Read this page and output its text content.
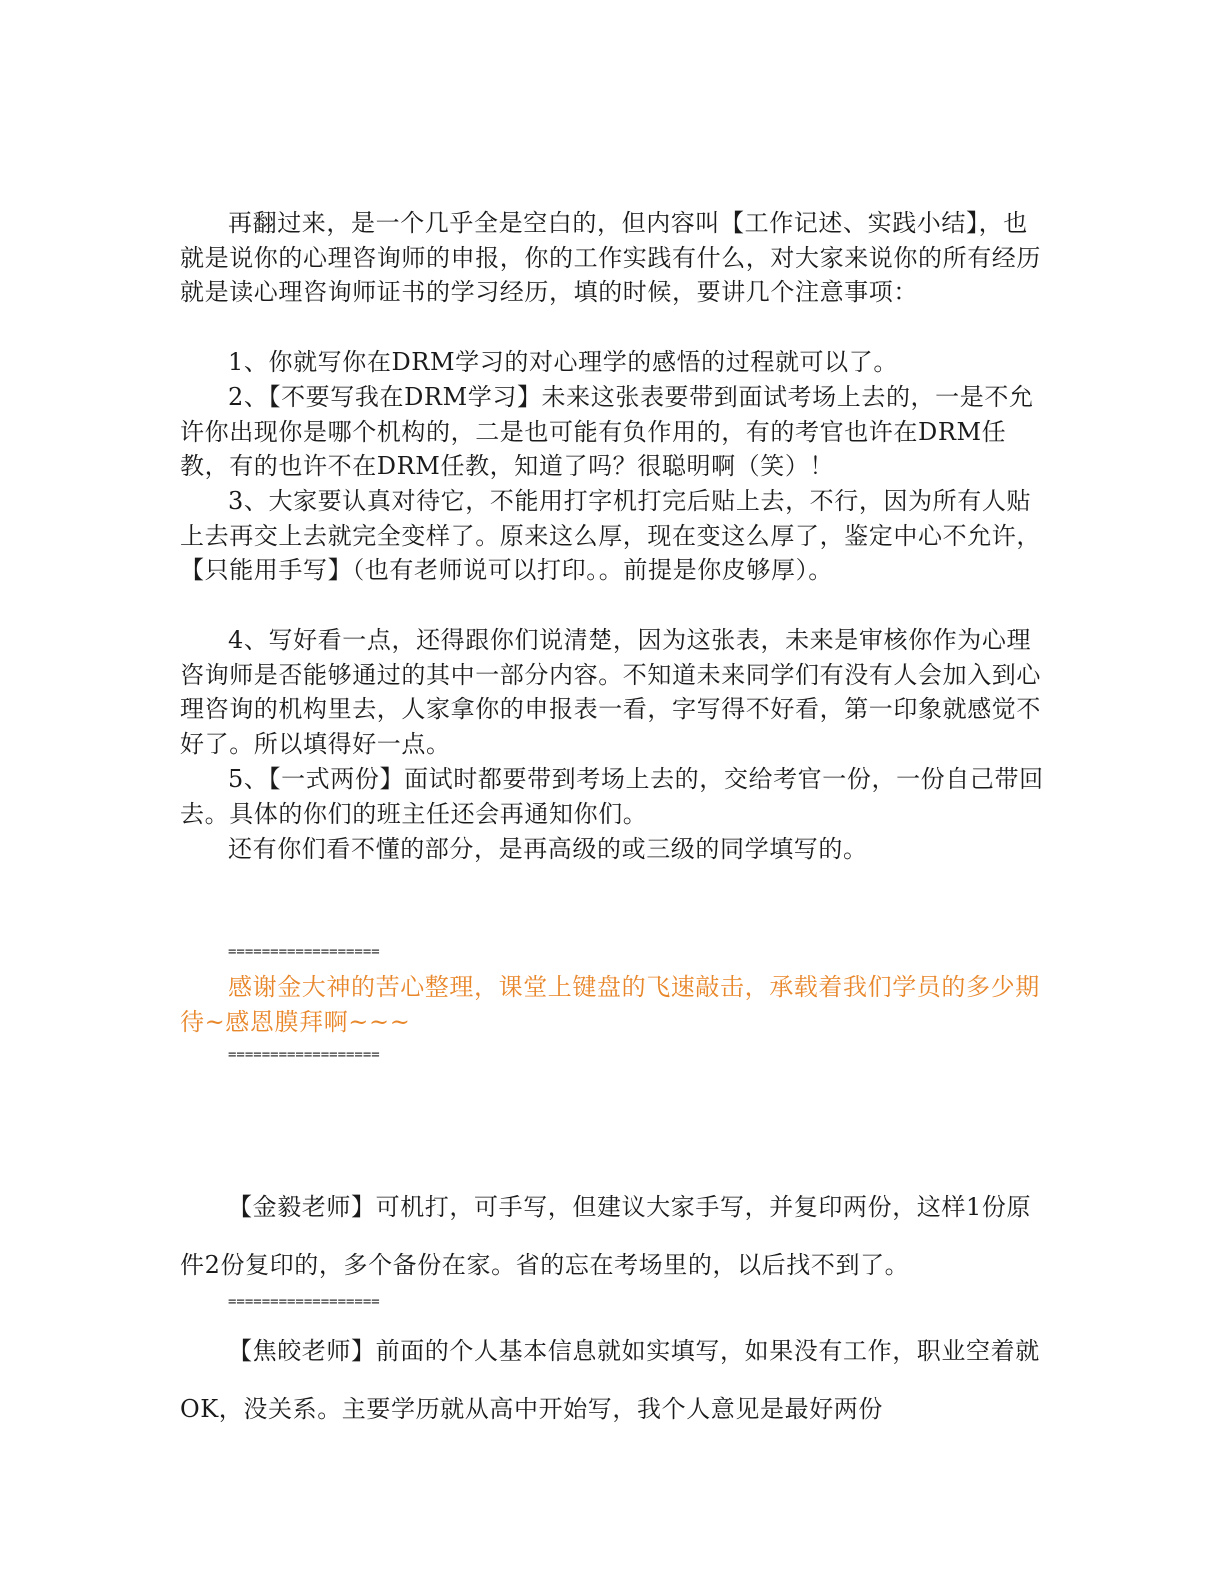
再翻过来，是一个几乎全是空白的，但内容叫【工作记述、实践小结】，也就是说你的心理咨询师的申报，你的工作实践有什么，对大家来说你的所有经历就是读心理咨询师证书的学习经历，填的时候，要讲几个注意事项：

1、你就写你在DRM学习的对心理学的感悟的过程就可以了。

2、【不要写我在DRM学习】未来这张表要带到面试考场上去的，一是不允许你出现你是哪个机构的，二是也可能有负作用的，有的考官也许在DRM任教，有的也许不在DRM任教，知道了吗？很聪明啊（笑）！

3、大家要认真对待它，不能用打字机打完后贴上去，不行，因为所有人贴上去再交上去就完全变样了。原来这么厚，现在变这么厚了，鉴定中心不允许，【只能用手写】（也有老师说可以打印。。前提是你皮够厚）。

4、写好看一点，还得跟你们说清楚，因为这张表，未来是审核你作为心理咨询师是否能够通过的其中一部分内容。不知道未来同学们有没有人会加入到心理咨询的机构里去，人家拿你的申报表一看，字写得不好看，第一印象就感觉不好了。所以填得好一点。

5、【一式两份】面试时都要带到考场上去的，交给考官一份，一份自己带回去。具体的你们的班主任还会再通知你们。

还有你们看不懂的部分，是再高级的或三级的同学填写的。

==================

感谢金大神的苦心整理，课堂上键盘的飞速敲击，承载着我们学员的多少期待~感恩膜拜啊~~~

==================

【金毅老师】可机打，可手写，但建议大家手写，并复印两份，这样1份原件2份复印的，多个备份在家。省的忘在考场里的，以后找不到了。

==================

【焦皎老师】前面的个人基本信息就如实填写，如果没有工作，职业空着就OK，没关系。主要学历就从高中开始写，我个人意见是最好两份
